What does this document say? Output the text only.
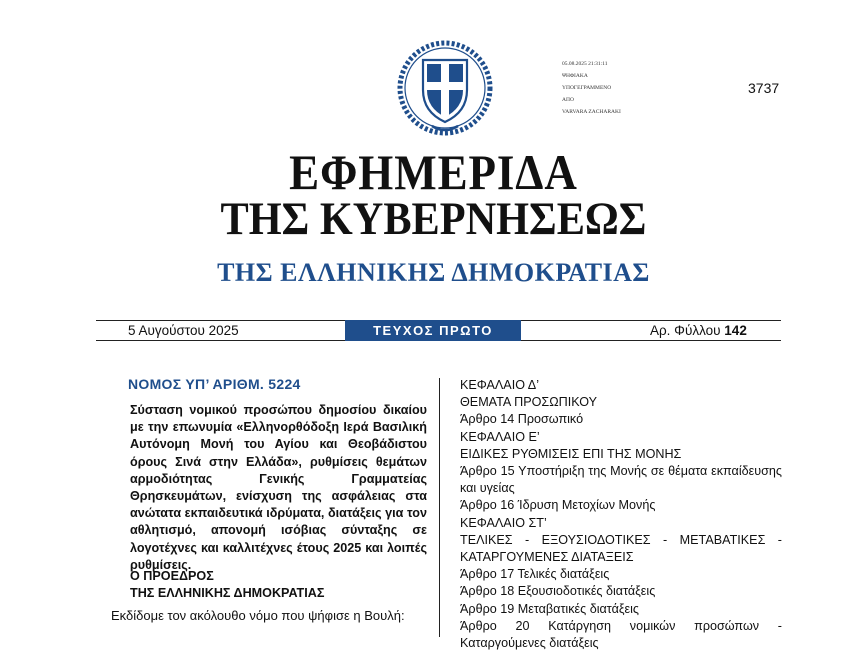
05.08.2025 21:31:11
ΨΗΦΙΑΚΑ
ΥΠΟΓΕΓΡΑΜΜΕΝΟ
ΑΠΟ
VARVARA ZACHARAKI
3737
ΕΦΗΜΕΡΙΔΑ
ΤΗΣ ΚΥΒΕΡΝΗΣΕΩΣ
ΤΗΣ ΕΛΛΗΝΙΚΗΣ ΔΗΜΟΚΡΑΤΙΑΣ
5 Αυγούστου 2025	ΤΕΥΧΟΣ ΠΡΩΤΟ	Αρ. Φύλλου 142
ΝΟΜΟΣ ΥΠ’ ΑΡΙΘΜ. 5224
Σύσταση νομικού προσώπου δημοσίου δικαίου με την επωνυμία «Ελληνορθόδοξη Ιερά Βασιλική Αυτόνομη Μονή του Αγίου και Θεοβάδιστου όρους Σινά στην Ελλάδα», ρυθμίσεις θεμάτων αρμοδιότητας Γενικής Γραμματείας Θρησκευμάτων, ενίσχυση της ασφάλειας στα ανώτατα εκπαιδευτικά ιδρύματα, διατάξεις για τον αθλητισμό, απονομή ισόβιας σύνταξης σε λογοτέχνες και καλλιτέχνες έτους 2025 και λοιπές ρυθμίσεις.
Ο ΠΡΟΕΔΡΟΣ
ΤΗΣ ΕΛΛΗΝΙΚΗΣ ΔΗΜΟΚΡΑΤΙΑΣ
Εκδίδομε τον ακόλουθο νόμο που ψήφισε η Βουλή:
ΚΕΦΑΛΑΙΟ Δ’
ΘΕΜΑΤΑ ΠΡΟΣΩΠΙΚΟΥ
Άρθρο 14 Προσωπικό
ΚΕΦΑΛΑΙΟ Ε’
ΕΙΔΙΚΕΣ ΡΥΘΜΙΣΕΙΣ ΕΠΙ ΤΗΣ ΜΟΝΗΣ
Άρθρο 15 Υποστήριξη της Μονής σε θέματα εκπαίδευσης και υγείας
Άρθρο 16 Ίδρυση Μετοχίων Μονής
ΚΕΦΑΛΑΙΟ ΣΤ’
ΤΕΛΙΚΕΣ - ΕΞΟΥΣΙΟΔΟΤΙΚΕΣ - ΜΕΤΑΒΑΤΙΚΕΣ - ΚΑΤΑΡΓΟΥΜΕΝΕΣ ΔΙΑΤΑΞΕΙΣ
Άρθρο 17 Τελικές διατάξεις
Άρθρο 18 Εξουσιοδοτικές διατάξεις
Άρθρο 19 Μεταβατικές διατάξεις
Άρθρο 20 Κατάργηση νομικών προσώπων - Καταργούμενες διατάξεις
